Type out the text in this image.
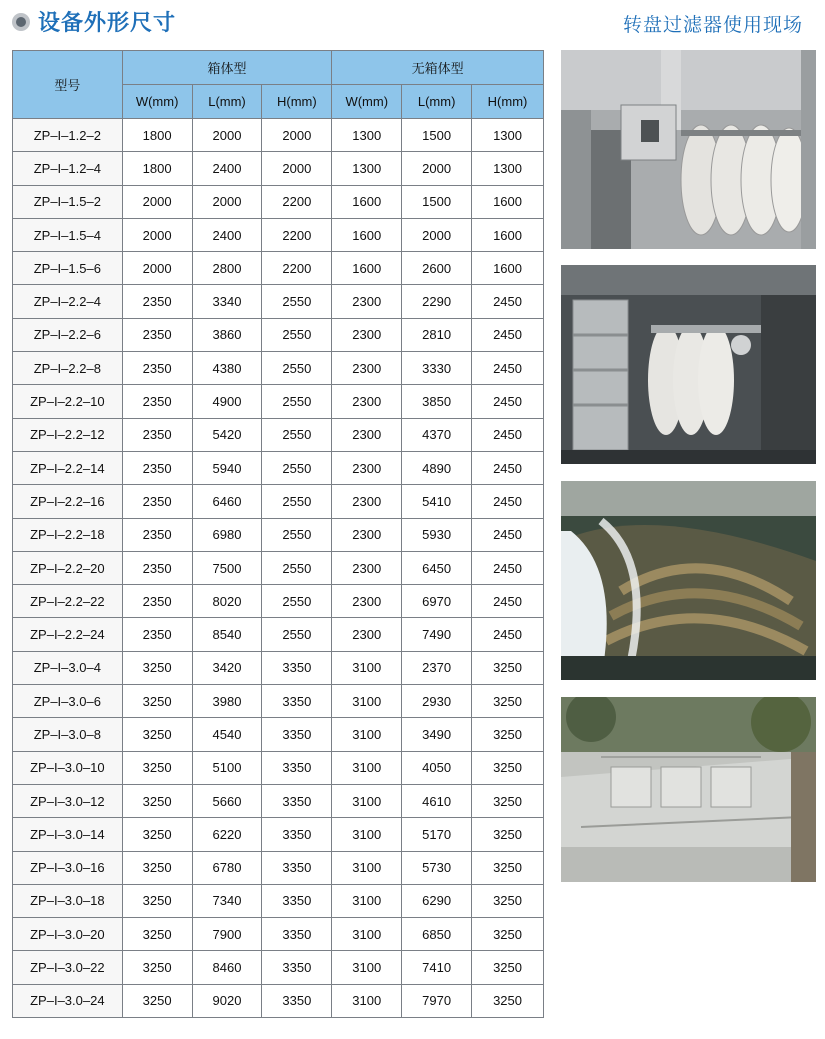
设备外形尺寸	转盘过滤器使用现场
型号	箱体型			无箱体型		
	W(mm)	L(mm)	H(mm)	W(mm)	L(mm)	H(mm)
ZP–I–1.2–2	1800	2000	2000	1300	1500	1300
ZP–I–1.2–4	1800	2400	2000	1300	2000	1300
ZP–I–1.5–2	2000	2000	2200	1600	1500	1600
ZP–I–1.5–4	2000	2400	2200	1600	2000	1600
ZP–I–1.5–6	2000	2800	2200	1600	2600	1600
ZP–I–2.2–4	2350	3340	2550	2300	2290	2450
ZP–I–2.2–6	2350	3860	2550	2300	2810	2450
ZP–I–2.2–8	2350	4380	2550	2300	3330	2450
ZP–I–2.2–10	2350	4900	2550	2300	3850	2450
ZP–I–2.2–12	2350	5420	2550	2300	4370	2450
ZP–I–2.2–14	2350	5940	2550	2300	4890	2450
ZP–I–2.2–16	2350	6460	2550	2300	5410	2450
ZP–I–2.2–18	2350	6980	2550	2300	5930	2450
ZP–I–2.2–20	2350	7500	2550	2300	6450	2450
ZP–I–2.2–22	2350	8020	2550	2300	6970	2450
ZP–I–2.2–24	2350	8540	2550	2300	7490	2450
ZP–I–3.0–4	3250	3420	3350	3100	2370	3250
ZP–I–3.0–6	3250	3980	3350	3100	2930	3250
ZP–I–3.0–8	3250	4540	3350	3100	3490	3250
ZP–I–3.0–10	3250	5100	3350	3100	4050	3250
ZP–I–3.0–12	3250	5660	3350	3100	4610	3250
ZP–I–3.0–14	3250	6220	3350	3100	5170	3250
ZP–I–3.0–16	3250	6780	3350	3100	5730	3250
ZP–I–3.0–18	3250	7340	3350	3100	6290	3250
ZP–I–3.0–20	3250	7900	3350	3100	6850	3250
ZP–I–3.0–22	3250	8460	3350	3100	7410	3250
ZP–I–3.0–24	3250	9020	3350	3100	7970	3250
